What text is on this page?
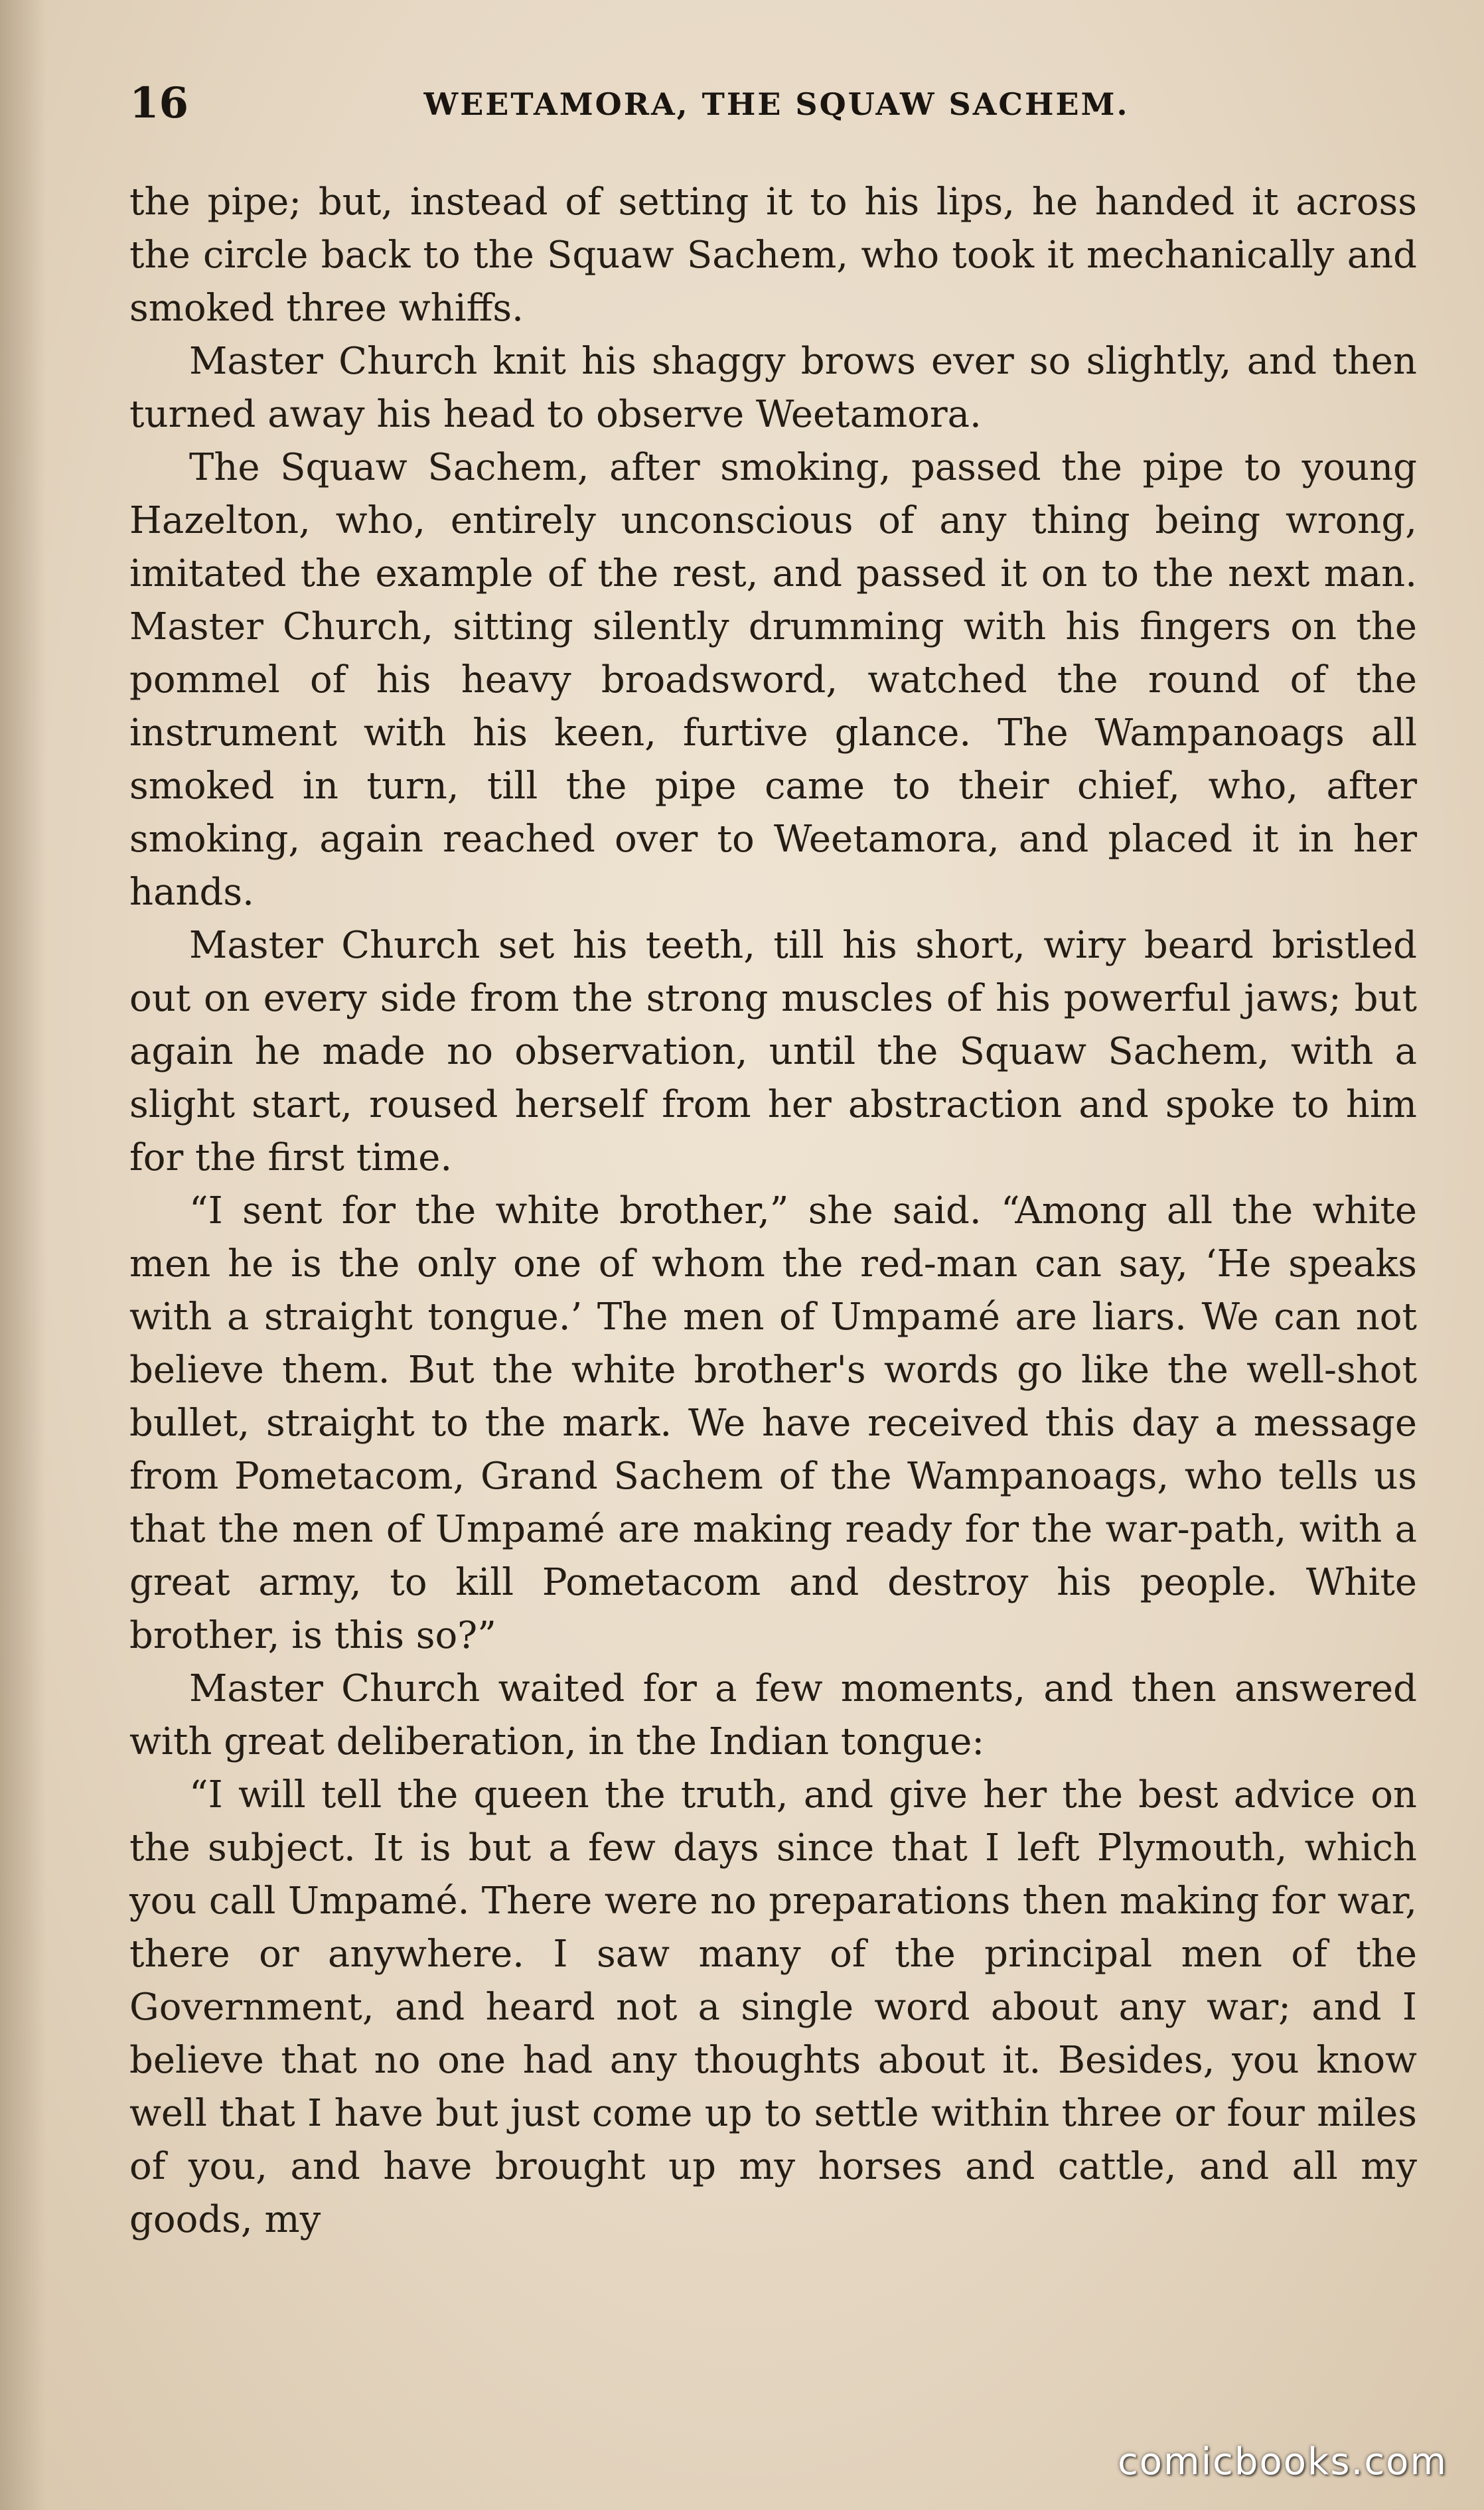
16	WEETAMORA, THE SQUAW SACHEM.

the pipe; but, instead of setting it to his lips, he handed it across the circle back to the Squaw Sachem, who took it mechanically and smoked three whiffs.

Master Church knit his shaggy brows ever so slightly, and then turned away his head to observe Weetamora.

The Squaw Sachem, after smoking, passed the pipe to young Hazelton, who, entirely unconscious of any thing being wrong, imitated the example of the rest, and passed it on to the next man. Master Church, sitting silently drumming with his fingers on the pommel of his heavy broadsword, watched the round of the instrument with his keen, furtive glance. The Wampanoags all smoked in turn, till the pipe came to their chief, who, after smoking, again reached over to Weetamora, and placed it in her hands.

Master Church set his teeth, till his short, wiry beard bristled out on every side from the strong muscles of his powerful jaws; but again he made no observation, until the Squaw Sachem, with a slight start, roused herself from her abstraction and spoke to him for the first time.

“I sent for the white brother,” she said. “Among all the white men he is the only one of whom the red-man can say, ‘He speaks with a straight tongue.’ The men of Umpamé are liars. We can not believe them. But the white brother's words go like the well-shot bullet, straight to the mark. We have received this day a message from Pometacom, Grand Sachem of the Wampanoags, who tells us that the men of Umpamé are making ready for the war-path, with a great army, to kill Pometacom and destroy his people. White brother, is this so?”

Master Church waited for a few moments, and then answered with great deliberation, in the Indian tongue:

“I will tell the queen the truth, and give her the best advice on the subject. It is but a few days since that I left Plymouth, which you call Umpamé. There were no preparations then making for war, there or anywhere. I saw many of the principal men of the Government, and heard not a single word about any war; and I believe that no one had any thoughts about it. Besides, you know well that I have but just come up to settle within three or four miles of you, and have brought up my horses and cattle, and all my goods, my

comicbooks.com
